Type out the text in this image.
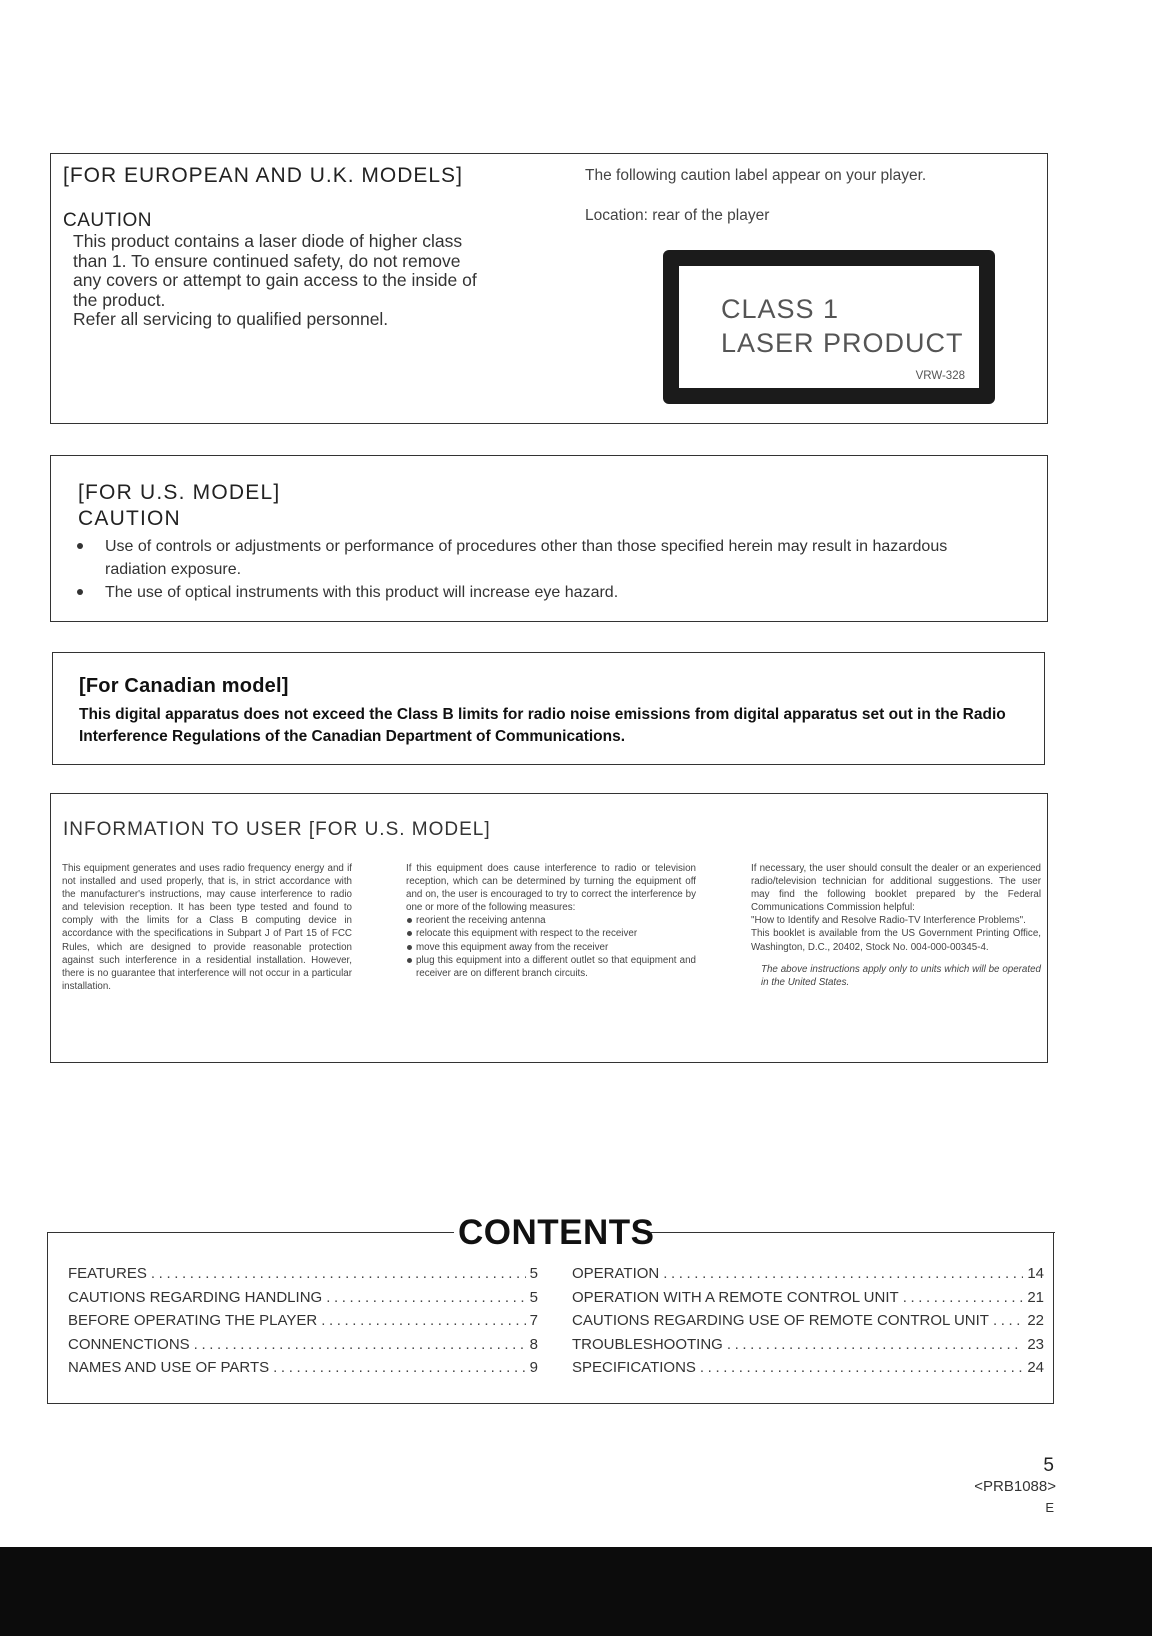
[FOR EUROPEAN AND U.K. MODELS]
CAUTION
This product contains a laser diode of higher class
than 1. To ensure continued safety, do not remove
any covers or attempt to gain access to the inside of
the product.
Refer all servicing to qualified personnel.
The following caution label appear on your player.
Location: rear of the player
CLASS 1
LASER PRODUCT
VRW-328
[FOR U.S. MODEL]
CAUTION
Use of controls or adjustments or performance of procedures other than those specified herein may result in hazardous radiation exposure.
The use of optical instruments with this product will increase eye hazard.
[For Canadian model]
This digital apparatus does not exceed the Class B limits for radio noise emissions from digital apparatus set out in the Radio Interference Regulations of the Canadian Department of Communications.
INFORMATION TO USER [FOR U.S. MODEL]
This equipment generates and uses radio frequency energy and if not installed and used properly, that is, in strict accordance with the manufacturer's instructions, may cause interference to radio and television reception. It has been type tested and found to comply with the limits for a Class B computing device in accordance with the specifications in Subpart J of Part 15 of FCC Rules, which are designed to provide reasonable protection against such interference in a residential installation. However, there is no guarantee that interference will not occur in a particular installation.
If this equipment does cause interference to radio or television reception, which can be determined by turning the equipment off and on, the user is encouraged to try to correct the interference by one or more of the following measures:
reorient the receiving antenna
relocate this equipment with respect to the receiver
move this equipment away from the receiver
plug this equipment into a different outlet so that equipment and receiver are on different branch circuits.
If necessary, the user should consult the dealer or an experienced radio/television technician for additional suggestions. The user may find the following booklet prepared by the Federal Communications Commission helpful:
"How to Identify and Resolve Radio-TV Interference Problems".
This booklet is available from the US Government Printing Office, Washington, D.C., 20402, Stock No. 004-000-00345-4.
The above instructions apply only to units which will be operated in the United States.
CONTENTS
FEATURES .....	5
CAUTIONS REGARDING HANDLING .....	5
BEFORE OPERATING THE PLAYER .....	7
CONNENCTIONS .....	8
NAMES AND USE OF PARTS .....	9
OPERATION .....	14
OPERATION WITH A REMOTE CONTROL UNIT .....	21
CAUTIONS REGARDING USE OF REMOTE CONTROL UNIT .....	22
TROUBLESHOOTING .....	23
SPECIFICATIONS .....	24
5
<PRB1088>
E
